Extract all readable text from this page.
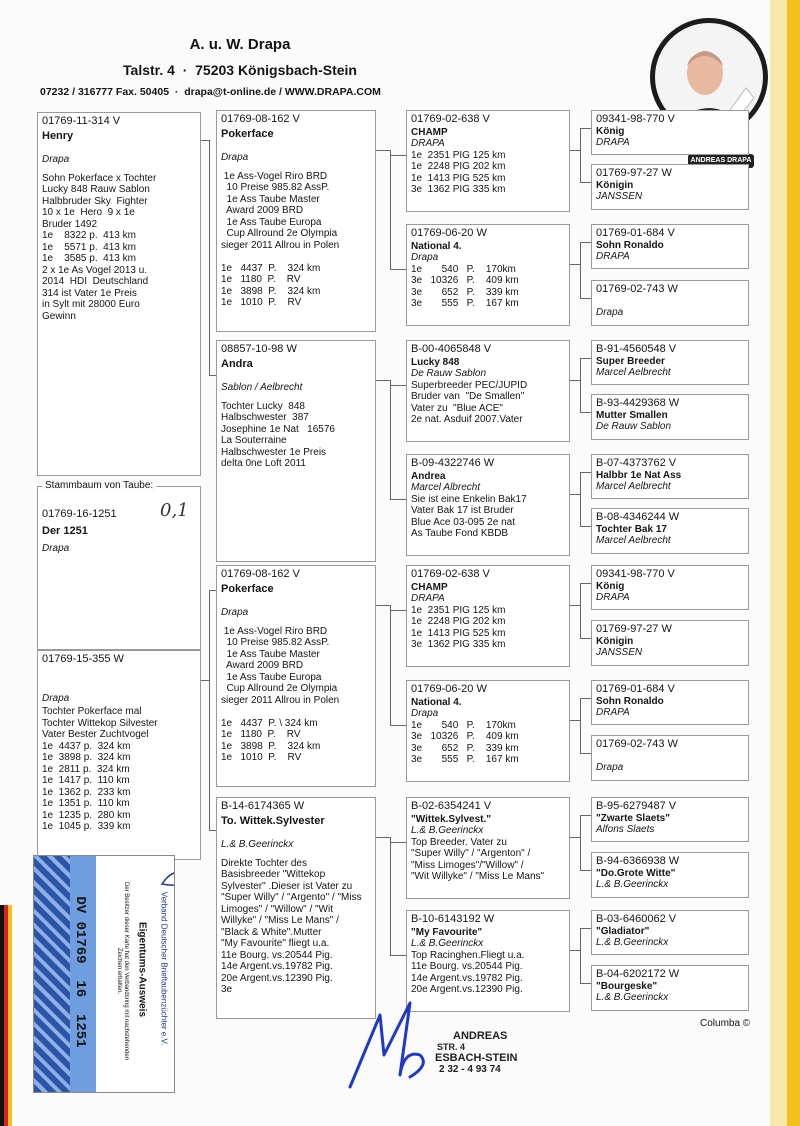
A. u. W. Drapa
Talstr. 4  ·  75203 Königsbach-Stein
07232 / 316777 Fax. 50405  ·  drapa@t-online.de / WWW.DRAPA.COM
ANDREAS DRAPA
01769-11-314 V
Henry
Drapa
Sohn Pokerface x Tochter
Lucky 848 Rauw Sablon
Halbbruder Sky  Fighter
10 x 1e  Hero  9 x 1e
Bruder 1492
1e    8322 p.  413 km
1e    5571 p.  413 km
1e    3585 p.  413 km
2 x 1e As Vogel 2013 u.
2014  HDI  Deutschland
314 ist Vater 1e Preis
in Sylt mit 28000 Euro
Gewinn
01769-16-1251
Der 1251
Drapa
Stammbaum von Taube:
0,1
01769-15-355 W
Drapa
Tochter Pokerface mal
Tochter Wittekop Silvester
Vater Bester Zuchtvogel
1e  4437 p.  324 km
1e  3898 p.  324 km
1e  2811 p.  324 km
1e  1417 p.  110 km
1e  1362 p.  233 km
1e  1351 p.  110 km
1e  1235 p.  280 km
1e  1045 p.  339 km
01769-08-162 V
Pokerface
Drapa
1e Ass-Vogel Riro BRD
10 Preise 985.82 AssP.
1e Ass Taube Master
Award 2009 BRD
1e Ass Taube Europa
Cup Allround 2e Olympia
sieger 2011 Allrou in Polen

1e   4437  P.    324 km
1e   1180  P.    RV
1e   3898  P.    324 km
1e   1010  P.    RV
08857-10-98 W
Andra
Sablon / Aelbrecht
Tochter Lucky  848
Halbschwester  387
Josephine 1e Nat   16576
La Souterraine
Halbschwester 1e Preis
delta 0ne Loft 2011
01769-08-162 V
Pokerface
Drapa
1e Ass-Vogel Riro BRD
10 Preise 985.82 AssP.
1e Ass Taube Master
Award 2009 BRD
1e Ass Taube Europa
Cup Allround 2e Olympia
sieger 2011 Allrou in Polen

1e   4437  P. \ 324 km
1e   1180  P.    RV
1e   3898  P.    324 km
1e   1010  P.    RV
B-14-6174365 W
To. Wittek.Sylvester
L.& B.Geerinckx
Direkte Tochter des
Basisbreeder "Wittekop
Sylvester" .Dieser ist Vater zu
"Super Willy" / "Argento" / "Miss
Limoges" / "Willow" / "Wit
Willyke" / "Miss Le Mans" /
"Black & White".Mutter
"My Favourite" fliegt u.a.
11e Bourg. vs.20544 Pig.
14e Argent.vs.19782 Pig.
20e Argent.vs.12390 Pig.
3e
01769-02-638 V
CHAMP
DRAPA
1e  2351 PIG 125 km
1e  2248 PIG 202 km
1e  1413 PIG 525 km
3e  1362 PIG 335 km
01769-06-20 W
National 4.
Drapa
1e       540   P.    170km
3e   10326   P.    409 km
3e       652   P.    339 km
3e       555   P.    167 km
B-00-4065848 V
Lucky 848
De Rauw Sablon
Superbreeder PEC/JUPID
Bruder van  "De Smallen"
Vater zu  "Blue ACE"
2e nat. Asduif 2007.Vater
B-09-4322746 W
Andrea
Marcel Albrecht
Sie ist eine Enkelin Bak17
Vater Bak 17 ist Bruder
Blue Ace 03-095 2e nat
As Taube Fond KBDB
01769-02-638 V
CHAMP
DRAPA
1e  2351 PIG 125 km
1e  2248 PIG 202 km
1e  1413 PIG 525 km
3e  1362 PIG 335 km
01769-06-20 W
National 4.
Drapa
1e       540   P.    170km
3e   10326   P.    409 km
3e       652   P.    339 km
3e       555   P.    167 km
B-02-6354241 V
"Wittek.Sylvest."
L.& B.Geerinckx
Top Breeder. Vater zu
"Super Willy" / "Argenton" /
"Miss Limoges"/"Willow" /
"Wit Willyke" / "Miss Le Mans"
B-10-6143192 W
"My Favourite"
L.& B.Geerinckx
Top Racinghen.Fliegt u.a.
11e Bourg. vs.20544 Pig.
14e Argent.vs.19782 Pig.
20e Argent.vs.12390 Pig.
09341-98-770 V
König
DRAPA
01769-97-27 W
Königin
JANSSEN
01769-01-684 V
Sohn Ronaldo
DRAPA
01769-02-743 W
Drapa
B-91-4560548 V
Super Breeder
Marcel Aelbrecht
B-93-4429368 W
Mutter Smallen
De Rauw Sablon
B-07-4373762 V
Halbbr 1e Nat Ass
Marcel Aelbrecht
B-08-4346244 W
Tochter Bak 17
Marcel Aelbrecht
09341-98-770 V
König
DRAPA
01769-97-27 W
Königin
JANSSEN
01769-01-684 V
Sohn Ronaldo
DRAPA
01769-02-743 W
Drapa
B-95-6279487 V
"Zwarte Slaets"
Alfons Slaets
B-94-6366938 W
"Do.Grote Witte"
L.& B.Geerinckx
B-03-6460062 V
"Gladiator"
L.& B.Geerinckx
B-04-6202172 W
"Bourgeske"
L.& B.Geerinckx
DV 01769  16  1251	Eigentums-Ausweis
Der Besitzer dieser Karte hat den Verbandsring mit nachstehenden Zeichen erhalten.	Verband Deutscher Brieftaubenzüchter e.V.	ANDREAS
STR. 4
ESBACH-STEIN
2 32 - 4 93 74
Columba ©
